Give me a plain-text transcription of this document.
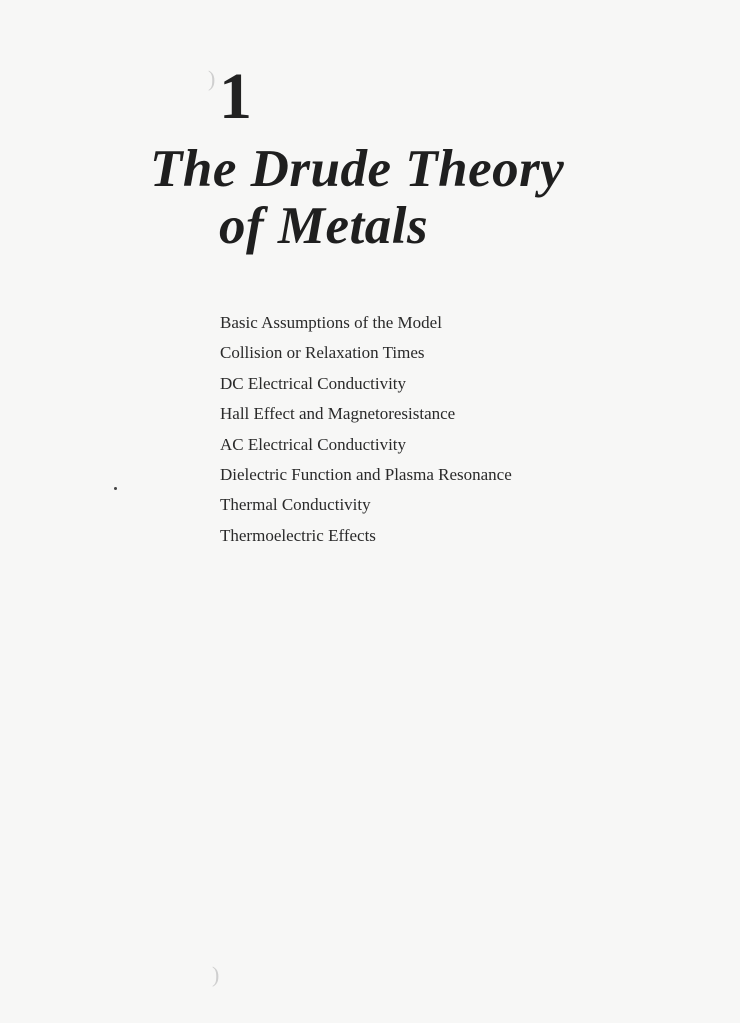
) 1
The Drude Theory
of Metals
Basic Assumptions of the Model
Collision or Relaxation Times
DC Electrical Conductivity
Hall Effect and Magnetoresistance
AC Electrical Conductivity
Dielectric Function and Plasma Resonance
Thermal Conductivity
Thermoelectric Effects
)
